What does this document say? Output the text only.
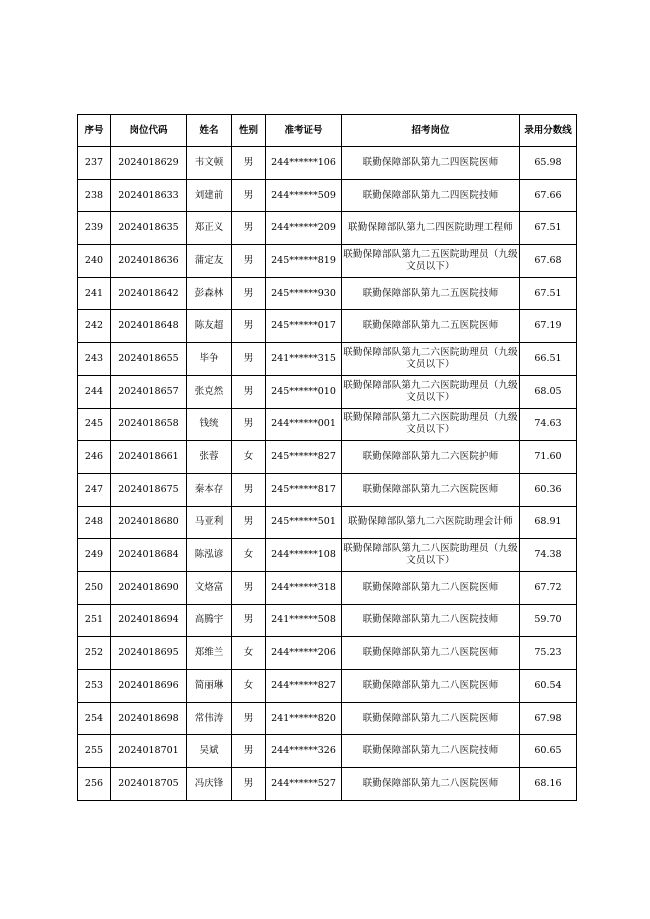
序号	岗位代码	姓名	性别	准考证号	招考岗位	录用分数线
237	2024018629	韦文顿	男	244******106	联勤保障部队第九二四医院医师	65.98
238	2024018633	刘建前	男	244******509	联勤保障部队第九二四医院技师	67.66
239	2024018635	郑正义	男	244******209	联勤保障部队第九二四医院助理工程师	67.51
240	2024018636	蒲定友	男	245******819	联勤保障部队第九二五医院助理员（九级文员以下）	67.68
241	2024018642	彭森林	男	245******930	联勤保障部队第九二五医院技师	67.51
242	2024018648	陈友超	男	245******017	联勤保障部队第九二五医院医师	67.19
243	2024018655	毕争	男	241******315	联勤保障部队第九二六医院助理员（九级文员以下）	66.51
244	2024018657	张克然	男	245******010	联勤保障部队第九二六医院助理员（九级文员以下）	68.05
245	2024018658	钱统	男	244******001	联勤保障部队第九二六医院助理员（九级文员以下）	74.63
246	2024018661	张蓉	女	245******827	联勤保障部队第九二六医院护师	71.60
247	2024018675	秦本存	男	245******817	联勤保障部队第九二六医院医师	60.36
248	2024018680	马亚利	男	245******501	联勤保障部队第九二六医院助理会计师	68.91
249	2024018684	陈泓谚	女	244******108	联勤保障部队第九二八医院助理员（九级文员以下）	74.38
250	2024018690	文烙富	男	244******318	联勤保障部队第九二八医院医师	67.72
251	2024018694	高腾宇	男	241******508	联勤保障部队第九二八医院技师	59.70
252	2024018695	郑维兰	女	244******206	联勤保障部队第九二八医院医师	75.23
253	2024018696	简丽琳	女	244******827	联勤保障部队第九二八医院医师	60.54
254	2024018698	常伟涛	男	241******820	联勤保障部队第九二八医院医师	67.98
255	2024018701	吴斌	男	244******326	联勤保障部队第九二八医院技师	60.65
256	2024018705	冯庆锋	男	244******527	联勤保障部队第九二八医院医师	68.16
